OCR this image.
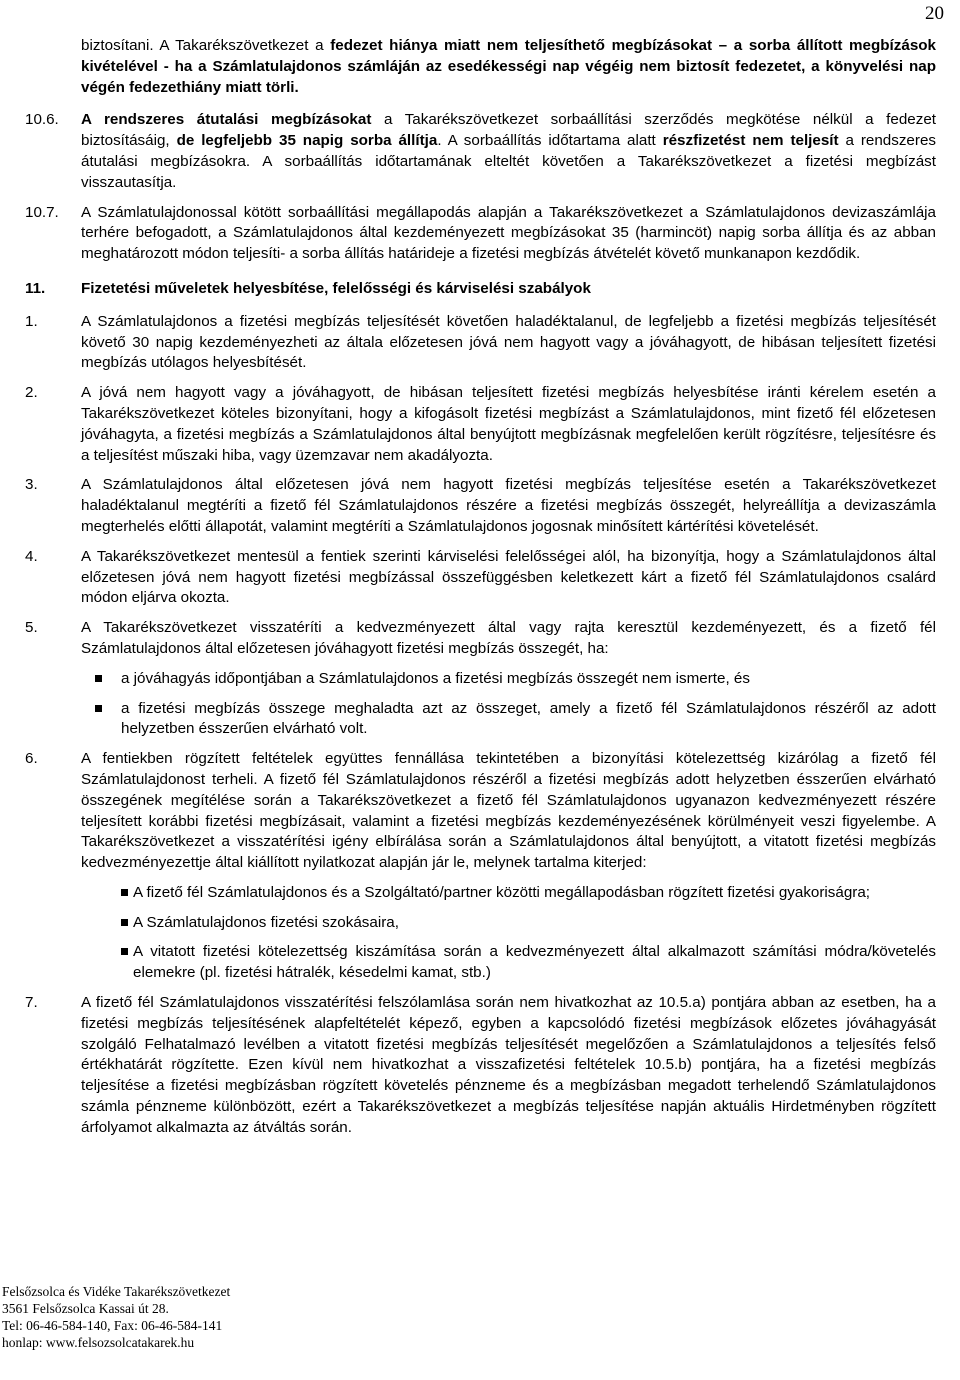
20

biztosítani. A Takarékszövetkezet a fedezet hiánya miatt nem teljesíthető megbízásokat – a sorba állított megbízások kivételével - ha a Számlatulajdonos számláján az esedékességi nap végéig nem biztosít fedezetet, a könyvelési nap végén fedezethiány miatt törli.

10.6. A rendszeres átutalási megbízásokat a Takarékszövetkezet sorbaállítási szerződés megkötése nélkül a fedezet biztosításáig, de legfeljebb 35 napig sorba állítja. A sorbaállítás időtartama alatt részfizetést nem teljesít a rendszeres átutalási megbízásokra. A sorbaállítás időtartamának elteltét követően a Takarékszövetkezet a fizetési megbízást visszautasítja.

10.7. A Számlatulajdonossal kötött sorbaállítási megállapodás alapján a Takarékszövetkezet a Számlatulajdonos devizaszámlája terhére befogadott, a Számlatulajdonos által kezdeményezett megbízásokat 35 (harmincöt) napig sorba állítja és az abban meghatározott módon teljesíti- a sorba állítás határideje a fizetési megbízás átvételét követő munkanapon kezdődik.

11. Fizetetési műveletek helyesbítése, felelősségi és kárviselési szabályok
1.	A Számlatulajdonos a fizetési megbízás teljesítését követően haladéktalanul, de legfeljebb a fizetési megbízás teljesítését követő 30 napig kezdeményezheti az általa előzetesen jóvá nem hagyott vagy a jóváhagyott, de hibásan teljesített fizetési megbízás utólagos helyesbítését.

2.	A jóvá nem hagyott vagy a jóváhagyott, de hibásan teljesített fizetési megbízás helyesbítése iránti kérelem esetén a Takarékszövetkezet köteles bizonyítani, hogy a kifogásolt fizetési megbízást a Számlatulajdonos, mint fizető fél előzetesen jóváhagyta, a fizetési megbízás a Számlatulajdonos által benyújtott megbízásnak megfelelően került rögzítésre, teljesítésre és a teljesítést műszaki hiba, vagy üzemzavar nem akadályozta.

3.	A Számlatulajdonos által előzetesen jóvá nem hagyott fizetési megbízás teljesítése esetén a Takarékszövetkezet haladéktalanul megtéríti a fizető fél Számlatulajdonos részére a fizetési megbízás összegét, helyreállítja a devizaszámla megterhelés előtti állapotát, valamint megtéríti a Számlatulajdonos jogosnak minősített kártérítési követelését.

4.	A Takarékszövetkezet mentesül a fentiek szerinti kárviselési felelősségei alól, ha bizonyítja, hogy a Számlatulajdonos által előzetesen jóvá nem hagyott fizetési megbízással összefüggésben keletkezett kárt a fizető fél Számlatulajdonos csalárd módon eljárva okozta.

5.	A Takarékszövetkezet visszatéríti a kedvezményezett által vagy rajta keresztül kezdeményezett, és a fizető fél Számlatulajdonos által előzetesen jóváhagyott fizetési megbízás összegét, ha:

a jóváhagyás időpontjában a Számlatulajdonos a fizetési megbízás összegét nem ismerte, és
a fizetési megbízás összege meghaladta azt az összeget, amely a fizető fél Számlatulajdonos részéről az adott helyzetben ésszerűen elvárható volt.
6.	A fentiekben rögzített feltételek együttes fennállása tekintetében a bizonyítási kötelezettség kizárólag a fizető fél Számlatulajdonost terheli. A fizető fél Számlatulajdonos részéről a fizetési megbízás adott helyzetben ésszerűen elvárható összegének megítélése során a Takarékszövetkezet a fizető fél Számlatulajdonos ugyanazon kedvezményezett részére teljesített korábbi fizetési megbízásait, valamint a fizetési megbízás kezdeményezésének körülményeit veszi figyelembe. A Takarékszövetkezet a visszatérítési igény elbírálása során a Számlatulajdonos által benyújtott, a vitatott fizetési megbízás kedvezményezettje által kiállított nyilatkozat alapján jár le, melynek tartalma kiterjed:

A fizető fél Számlatulajdonos és a Szolgáltató/partner közötti megállapodásban rögzített fizetési gyakoriságra;
A Számlatulajdonos fizetési szokásaira,
A vitatott fizetési kötelezettség kiszámítása során a kedvezményezett által alkalmazott számítási módra/követelés elemekre (pl. fizetési hátralék, késedelmi kamat, stb.)
7.	A fizető fél Számlatulajdonos visszatérítési felszólamlása során nem hivatkozhat az 10.5.a) pontjára abban az esetben, ha a fizetési megbízás teljesítésének alapfeltételét képező, egyben a kapcsolódó fizetési megbízások előzetes jóváhagyását szolgáló Felhatalmazó levélben a vitatott fizetési megbízás teljesítését megelőzően a Számlatulajdonos a teljesítés felső értékhatárát rögzítette. Ezen kívül nem hivatkozhat a visszafizetési feltételek 10.5.b) pontjára, ha a fizetési megbízás teljesítése a fizetési megbízásban rögzített követelés pénzneme és a megbízásban megadott terhelendő Számlatulajdonos számla pénzneme különbözött, ezért a Takarékszövetkezet a megbízás teljesítése napján aktuális Hirdetményben rögzített árfolyamot alkalmazta az átváltás során.

Felsőzsolca és Vidéke Takarékszövetkezet
3561 Felsőzsolca Kassai út 28.
Tel: 06-46-584-140, Fax: 06-46-584-141
honlap: www.felsozsolcatakarek.hu
